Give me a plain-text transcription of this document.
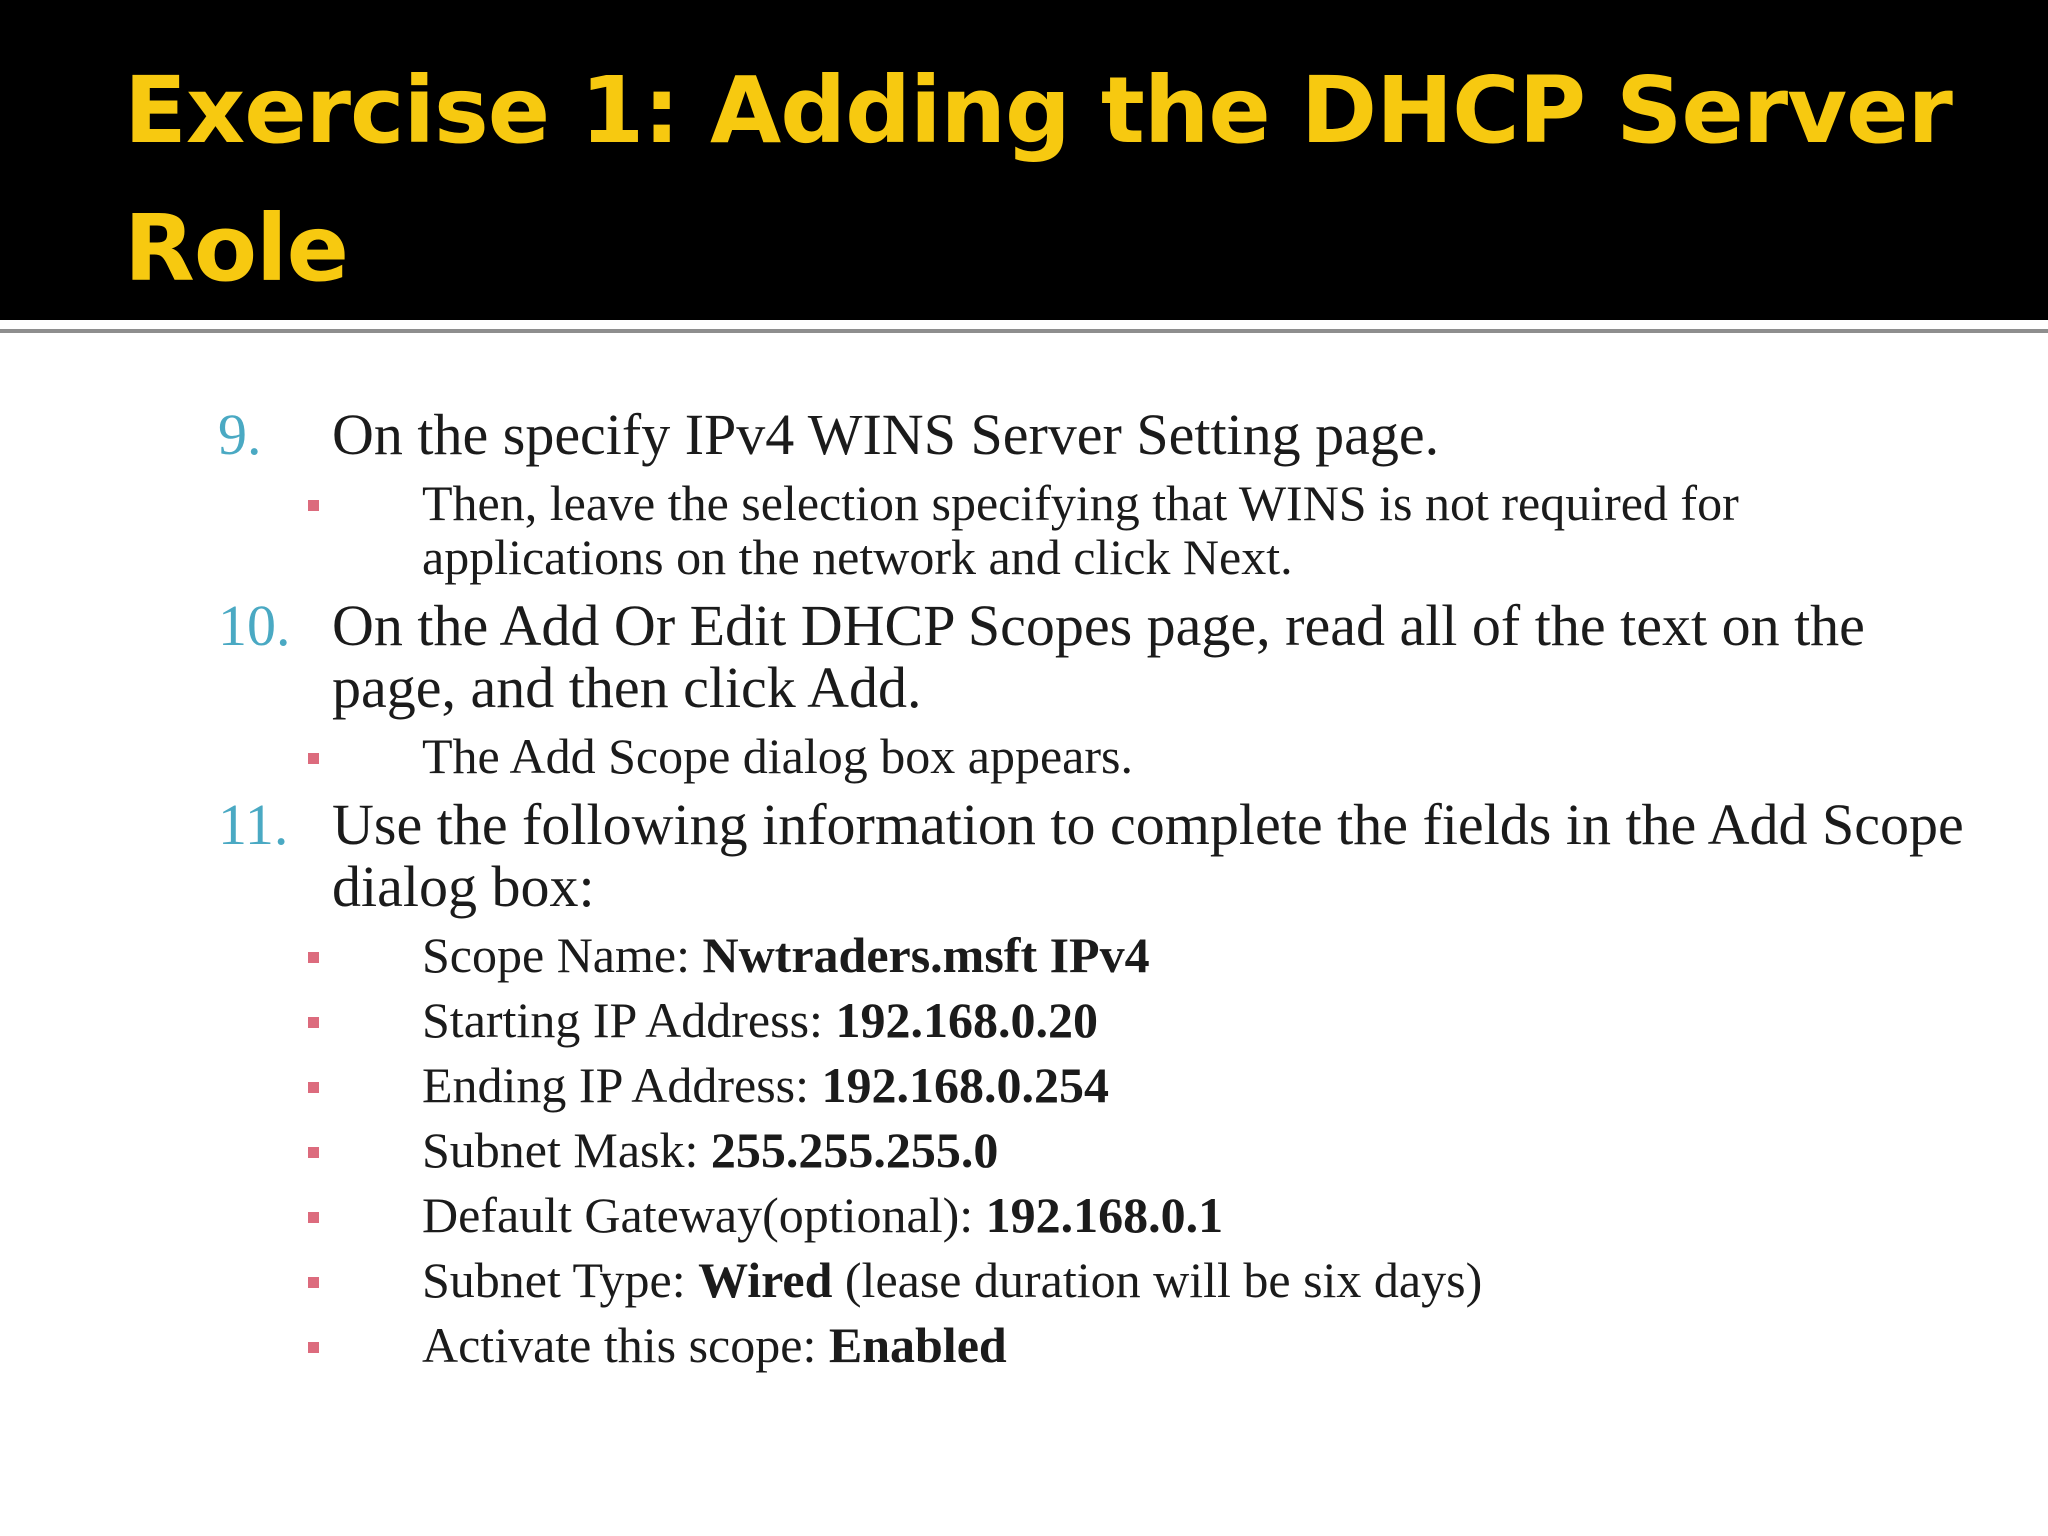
Exercise 1: Adding the DHCP Server Role
9.	On the specify IPv4 WINS Server Setting page.
Then, leave the selection specifying that WINS is not required for applications on the network and click Next.
10. On the Add Or Edit DHCP Scopes page, read all of the text on the page, and then click Add.
The Add Scope dialog box appears.
11. Use the following information to complete the fields in the Add Scope dialog box:
Scope Name: Nwtraders.msft IPv4
Starting IP Address: 192.168.0.20
Ending IP Address: 192.168.0.254
Subnet Mask: 255.255.255.0
Default Gateway(optional): 192.168.0.1
Subnet Type: Wired (lease duration will be six days)
Activate this scope: Enabled
